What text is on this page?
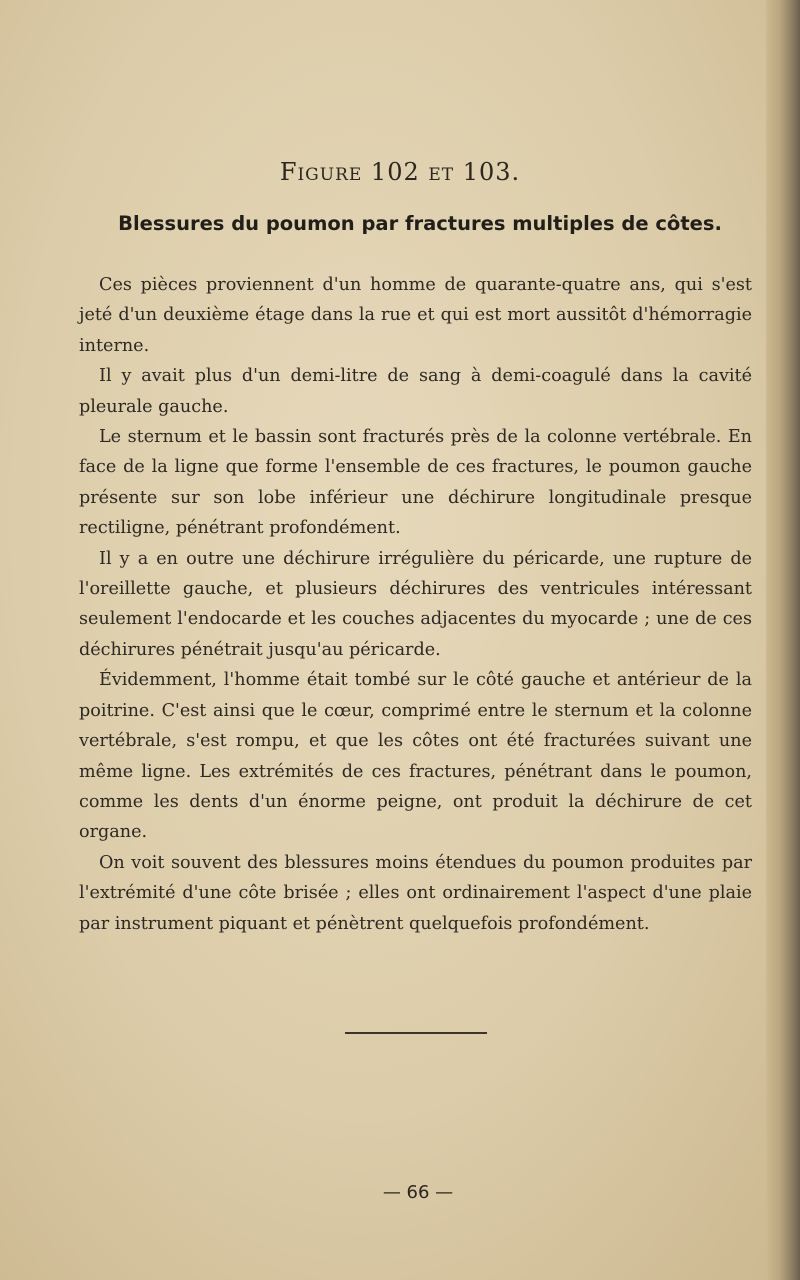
Figure 102 et 103.
Blessures du poumon par fractures multiples de côtes.

Ces pièces proviennent d'un homme de quarante-quatre ans, qui s'est jeté d'un deuxième étage dans la rue et qui est mort aussitôt d'hémorragie interne.

Il y avait plus d'un demi-litre de sang à demi-coagulé dans la cavité pleurale gauche.

Le sternum et le bassin sont fracturés près de la colonne vertébrale. En face de la ligne que forme l'ensemble de ces fractures, le poumon gauche présente sur son lobe inférieur une déchirure longitudinale presque rectiligne, pénétrant profondément.

Il y a en outre une déchirure irrégulière du péricarde, une rupture de l'oreillette gauche, et plusieurs déchirures des ventricules intéressant seulement l'endocarde et les couches adjacentes du myocarde ; une de ces déchirures pénétrait jusqu'au péricarde.

Évidemment, l'homme était tombé sur le côté gauche et antérieur de la poitrine. C'est ainsi que le cœur, comprimé entre le sternum et la colonne vertébrale, s'est rompu, et que les côtes ont été fracturées suivant une même ligne. Les extrémités de ces fractures, pénétrant dans le poumon, comme les dents d'un énorme peigne, ont produit la déchirure de cet organe.

On voit souvent des blessures moins étendues du poumon produites par l'extrémité d'une côte brisée ; elles ont ordinairement l'aspect d'une plaie par instrument piquant et pénètrent quelquefois profondément.

— 66 —
